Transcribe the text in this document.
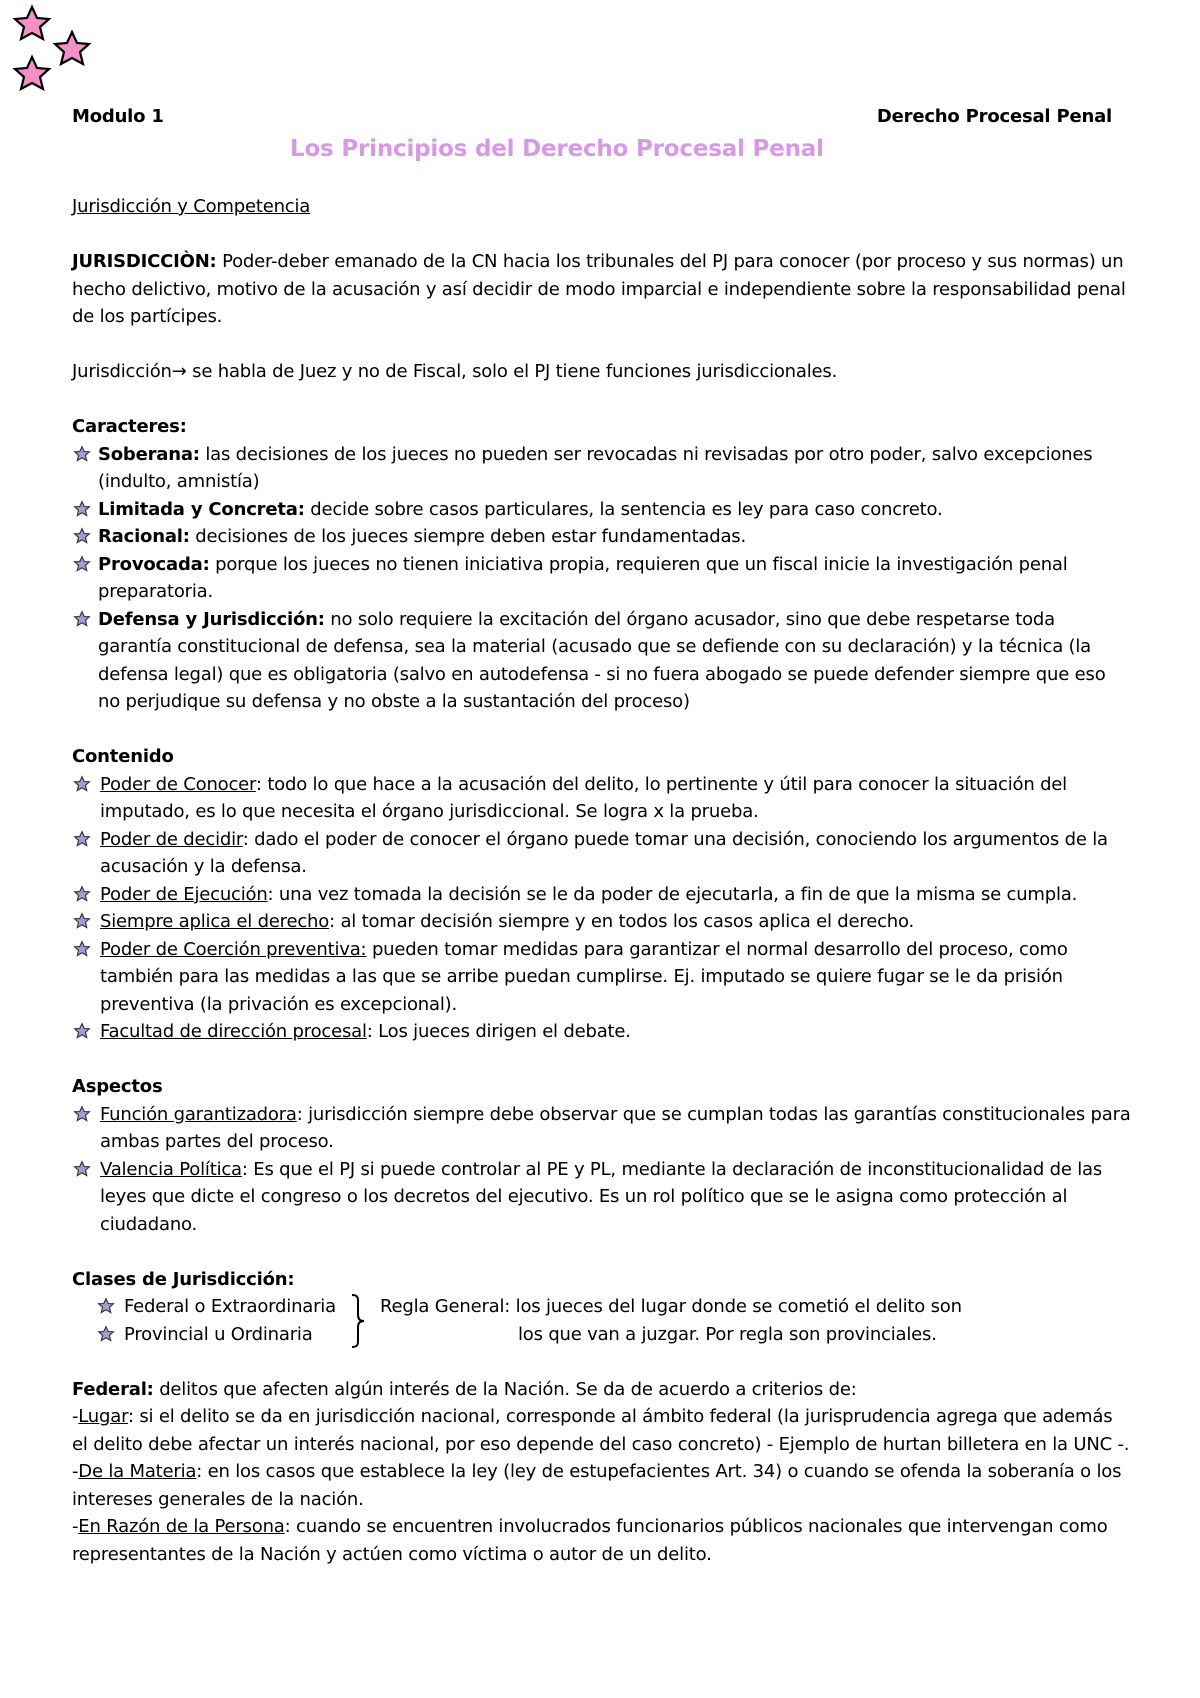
Modulo 1	Derecho Procesal Penal
Los Principios del Derecho Procesal Penal

Jurisdicción y Competencia

JURISDICCIÒN: Poder-deber emanado de la CN hacia los tribunales del PJ para conocer (por proceso y sus normas) un hecho delictivo, motivo de la acusación y así decidir de modo imparcial e independiente sobre la responsabilidad penal de los partícipes.

Jurisdicción→ se habla de Juez y no de Fiscal, solo el PJ tiene funciones jurisdiccionales.

Caracteres:

Soberana: las decisiones de los jueces no pueden ser revocadas ni revisadas por otro poder, salvo excepciones (indulto, amnistía)
Limitada y Concreta: decide sobre casos particulares, la sentencia es ley para caso concreto.
Racional: decisiones de los jueces siempre deben estar fundamentadas.
Provocada: porque los jueces no tienen iniciativa propia, requieren que un fiscal inicie la investigación penal preparatoria.
Defensa y Jurisdicción: no solo requiere la excitación del órgano acusador, sino que debe respetarse toda garantía constitucional de defensa, sea la material (acusado que se defiende con su declaración) y la técnica (la defensa legal) que es obligatoria (salvo en autodefensa - si no fuera abogado se puede defender siempre que eso no perjudique su defensa y no obste a la sustantación del proceso)

Contenido

Poder de Conocer: todo lo que hace a la acusación del delito, lo pertinente y útil para conocer la situación del imputado, es lo que necesita el órgano jurisdiccional. Se logra x la prueba.
Poder de decidir: dado el poder de conocer el órgano puede tomar una decisión, conociendo los argumentos de la acusación y la defensa.
Poder de Ejecución: una vez tomada la decisión se le da poder de ejecutarla, a fin de que la misma se cumpla.
Siempre aplica el derecho: al tomar decisión siempre y en todos los casos aplica el derecho.
Poder de Coerción preventiva: pueden tomar medidas para garantizar el normal desarrollo del proceso, como también para las medidas a las que se arribe puedan cumplirse. Ej. imputado se quiere fugar se le da prisión preventiva (la privación es excepcional).
Facultad de dirección procesal: Los jueces dirigen el debate.

Aspectos

Función garantizadora: jurisdicción siempre debe observar que se cumplan todas las garantías constitucionales para ambas partes del proceso.
Valencia Política: Es que el PJ si puede controlar al PE y PL, mediante la declaración de inconstitucionalidad de las leyes que dicte el congreso o los decretos del ejecutivo. Es un rol político que se le asigna como protección al ciudadano.

Clases de Jurisdicción:

Federal o Extraordinaria
Provincial u Ordinaria
Regla General: los jueces del lugar donde se cometió el delito son
los que van a juzgar. Por regla son provinciales.

Federal: delitos que afecten algún interés de la Nación. Se da de acuerdo a criterios de:

-Lugar: si el delito se da en jurisdicción nacional, corresponde al ámbito federal (la jurisprudencia agrega que además el delito debe afectar un interés nacional, por eso depende del caso concreto) - Ejemplo de hurtan billetera en la UNC -.

-De la Materia: en los casos que establece la ley (ley de estupefacientes Art. 34) o cuando se ofenda la soberanía o los intereses generales de la nación.

-En Razón de la Persona: cuando se encuentren involucrados funcionarios públicos nacionales que intervengan como representantes de la Nación y actúen como víctima o autor de un delito.
